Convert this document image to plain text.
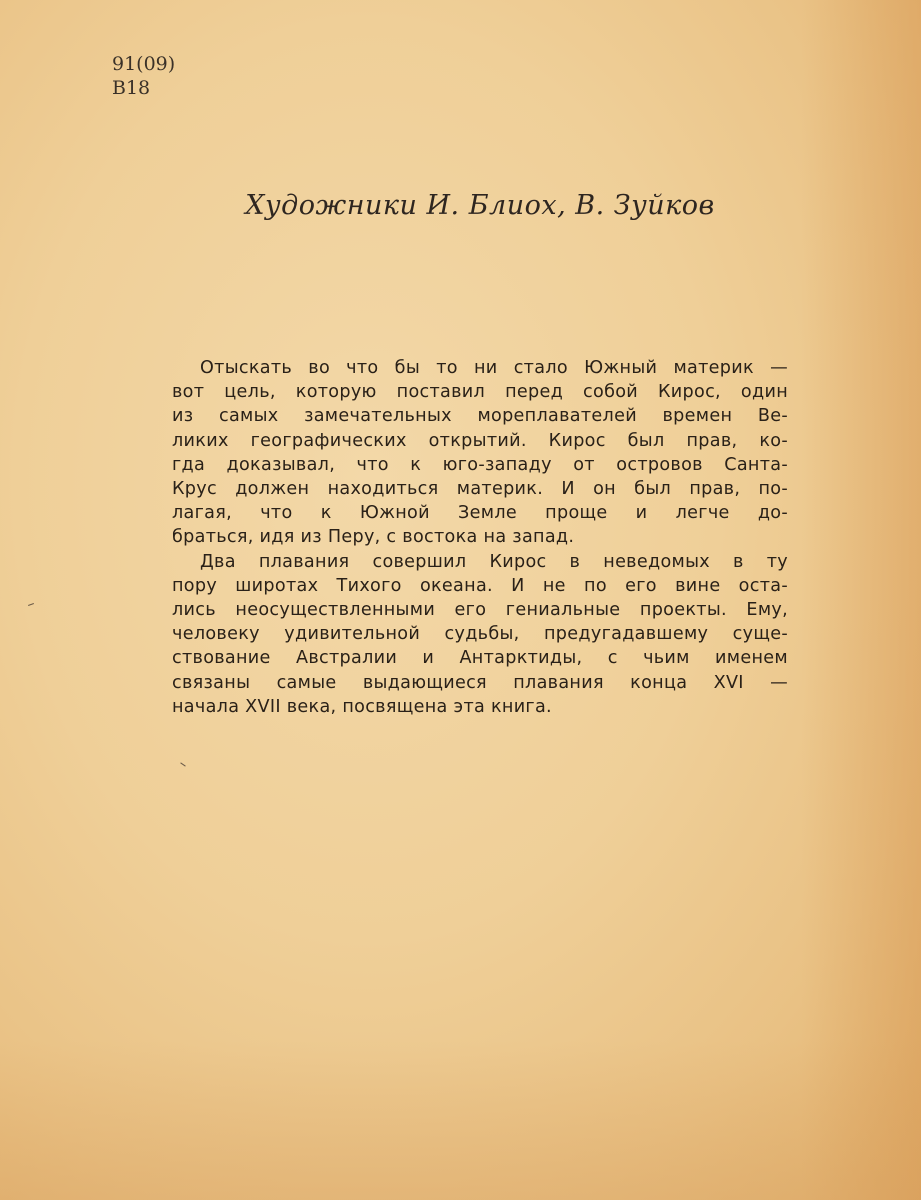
91(09)
В18
Художники И. Блиох, В. Зуйков
Отыскать во что бы то ни стало Южный материк —
вот цель, которую поставил перед собой Кирос, один
из самых замечательных мореплавателей времен Ве-
ликих географических открытий. Кирос был прав, ко-
гда доказывал, что к юго-западу от островов Санта-
Крус должен находиться материк. И он был прав, по-
лагая, что к Южной Земле проще и легче до-
браться, идя из Перу, с востока на запад.
Два плавания совершил Кирос в неведомых в ту
пору широтах Тихого океана. И не по его вине оста-
лись неосуществленными его гениальные проекты. Ему,
человеку удивительной судьбы, предугадавшему суще-
ствование Австралии и Антарктиды, с чьим именем
связаны самые выдающиеся плавания конца XVI —
начала XVII века, посвящена эта книга.
